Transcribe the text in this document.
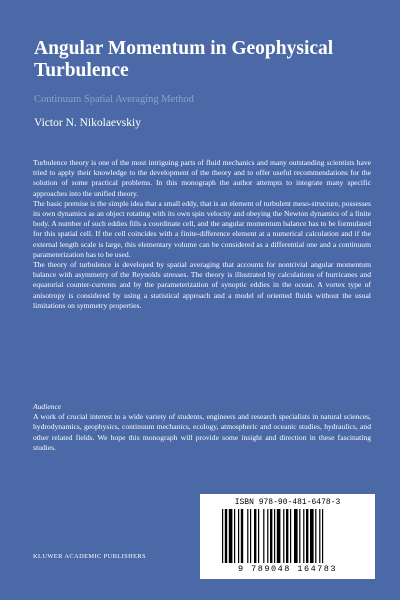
Angular Momentum in Geophysical Turbulence
Continuum Spatial Averaging Method
Victor N. Nikolaevskiy

Turbulence theory is one of the most intriguing parts of fluid mechanics and many outstanding scientists have tried to apply their knowledge to the development of the theory and to offer useful recommendations for the solution of some practical problems. In this monograph the author attempts to integrate many specific approaches into the unified theory.

The basic premise is the simple idea that a small eddy, that is an element of turbulent meso-structure, possesses its own dynamics as an object rotating with its own spin velocity and obeying the Newton dynamics of a finite body. A number of such eddies fills a coordinate cell, and the angular momentum balance has to be formulated for this spatial cell. If the cell coincides with a finite-difference element at a numerical calculation and if the external length scale is large, this elementary volume can be considered as a differential one and a continuum parameterization has to be used.

The theory of turbulence is developed by spatial averaging that accounts for nontrivial angular momentum balance with asymmetry of the Reynolds stresses. The theory is illustrated by calculations of hurricanes and equatorial counter-currents and by the parameterization of synoptic eddies in the ocean. A vortex type of anisotropy is considered by using a statistical approach and a model of oriented fluids without the usual limitations on symmetry properties.

Audience

A work of crucial interest to a wide variety of students, engineers and research specialists in natural sciences, hydrodynamics, geophysics, continuum mechanics, ecology, atmospheric and oceanic studies, hydraulics, and other related fields. We hope this monograph will provide some insight and direction in these fascinating studies.

KLUWER ACADEMIC PUBLISHERS
ISBN 978-90-481-6478-3
9 789048 164783
